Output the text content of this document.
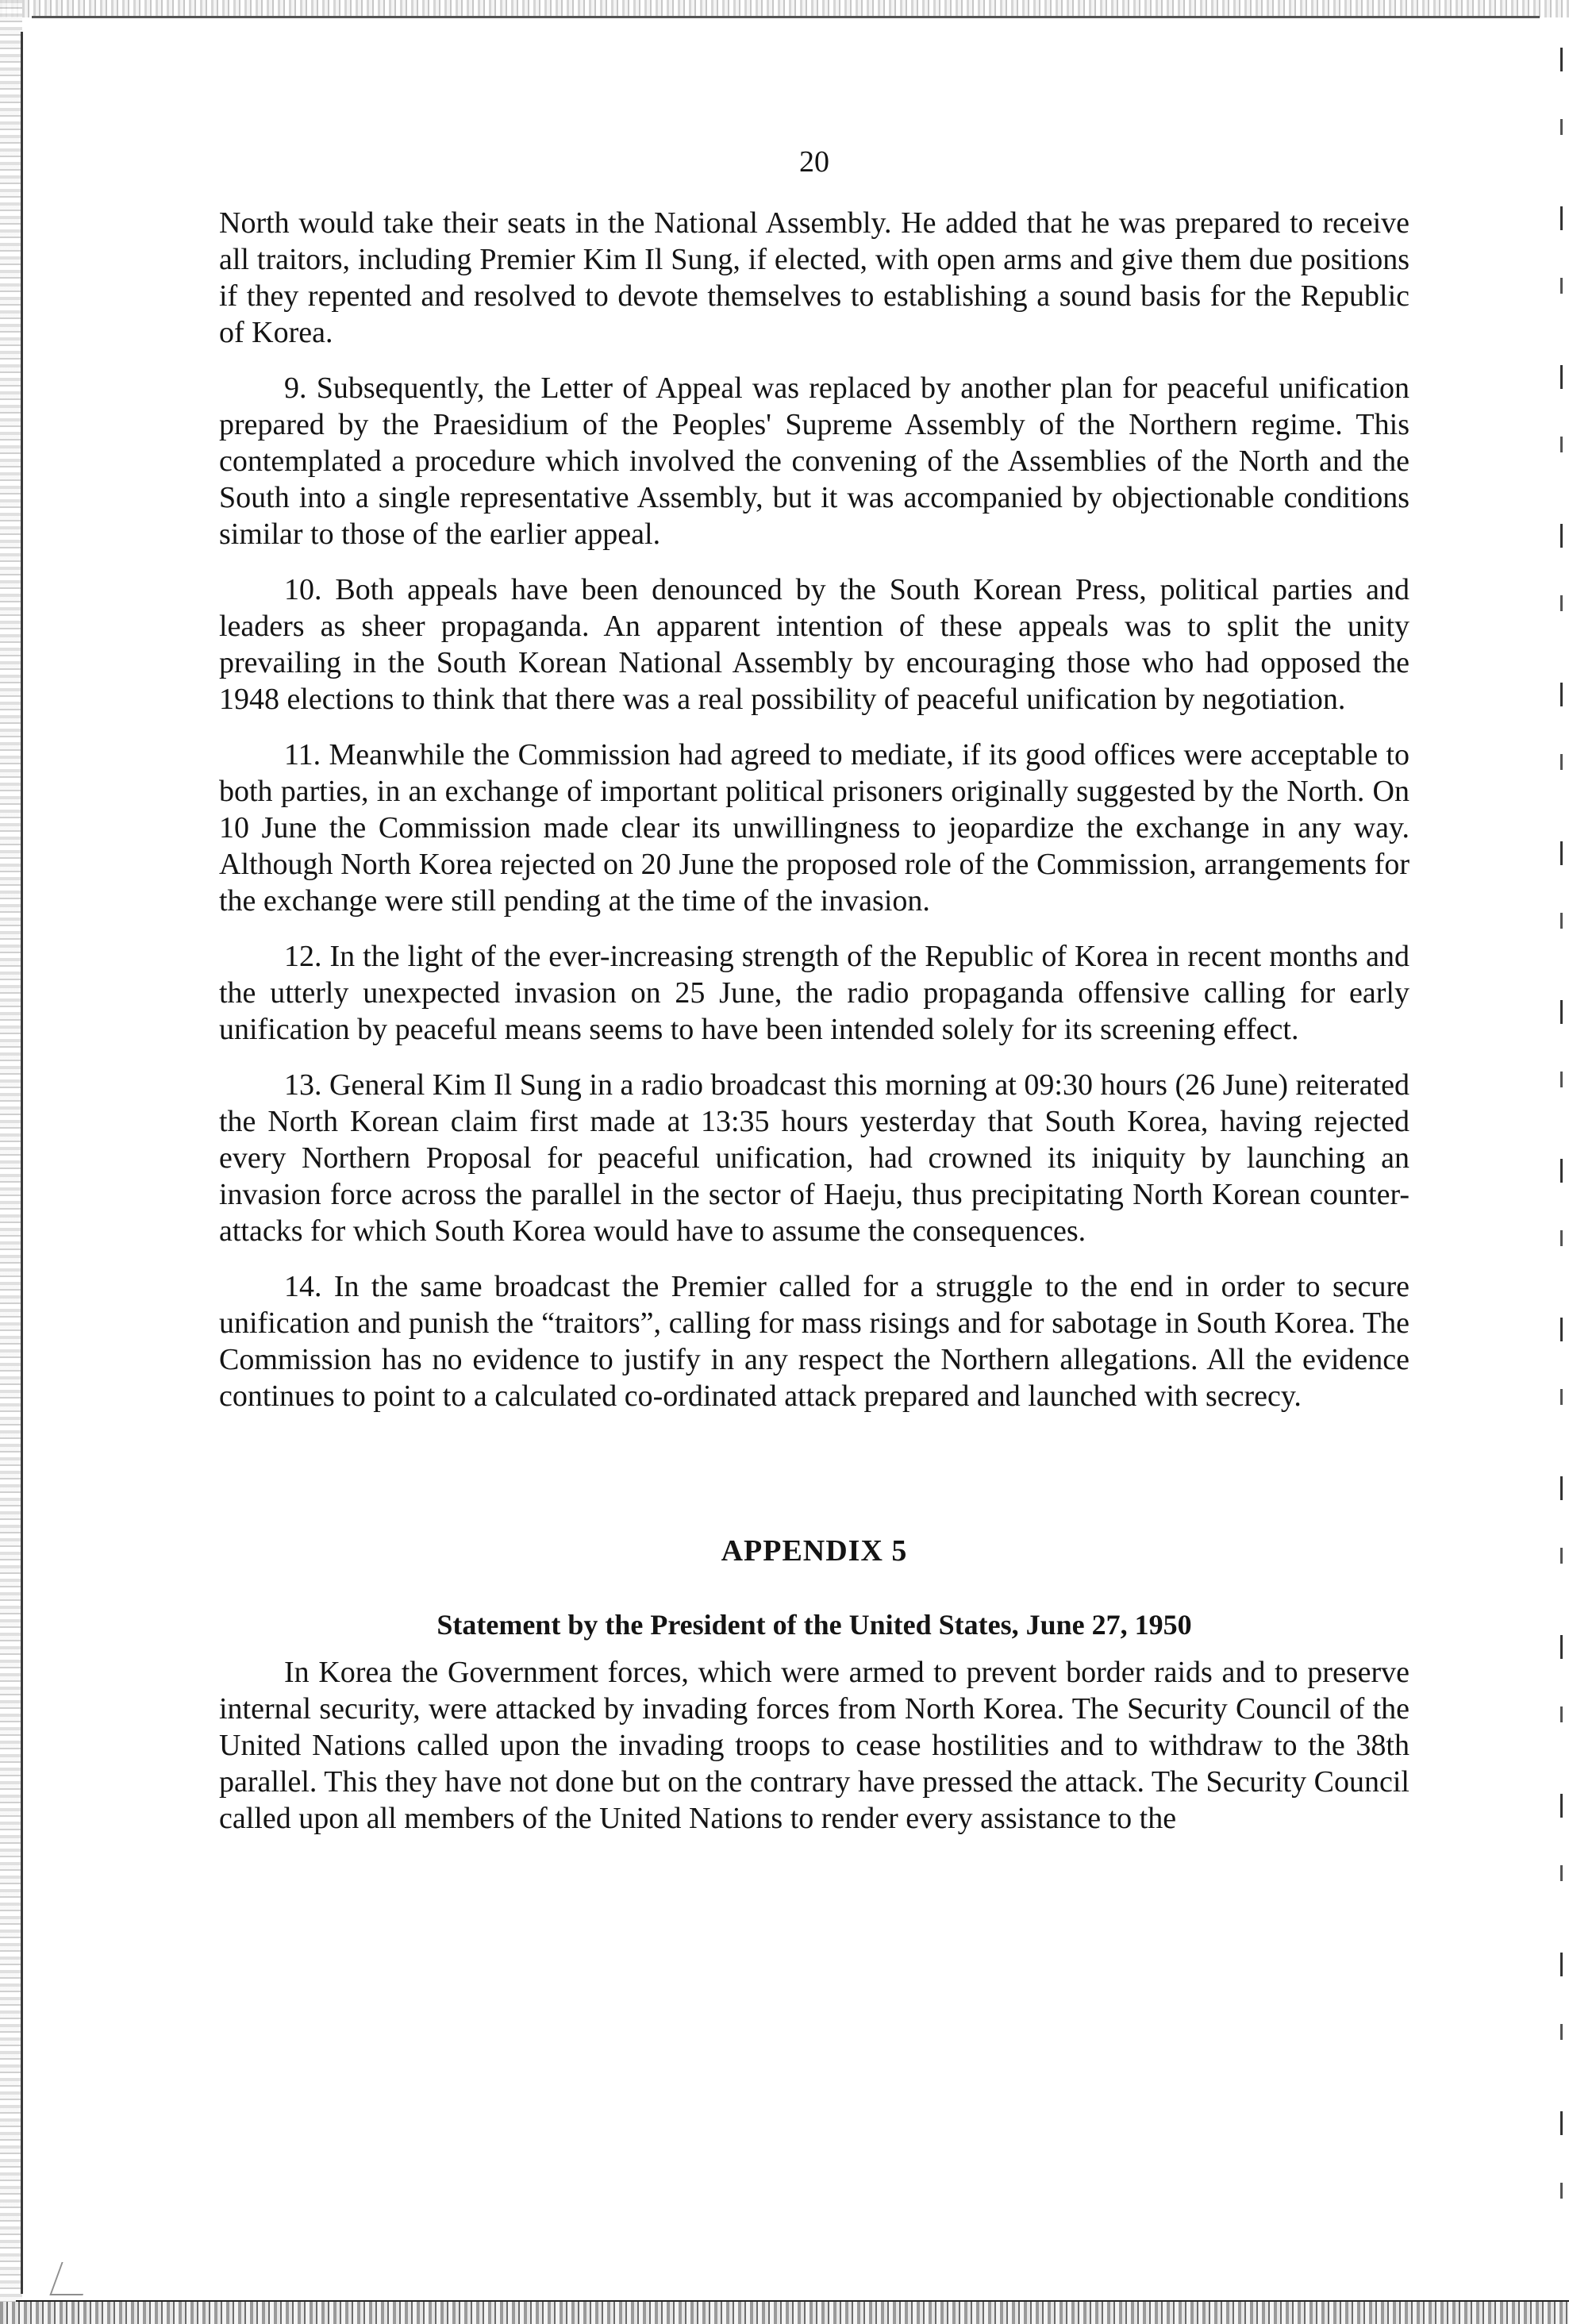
20

North would take their seats in the National Assembly. He added that he was prepared to receive all traitors, including Premier Kim Il Sung, if elected, with open arms and give them due positions if they repented and resolved to devote themselves to establishing a sound basis for the Republic of Korea.

9. Subsequently, the Letter of Appeal was replaced by another plan for peaceful unification prepared by the Praesidium of the Peoples' Supreme Assembly of the Northern regime. This contemplated a procedure which involved the convening of the Assemblies of the North and the South into a single representative Assembly, but it was accompanied by objectionable conditions similar to those of the earlier appeal.

10. Both appeals have been denounced by the South Korean Press, political parties and leaders as sheer propaganda. An apparent intention of these appeals was to split the unity prevailing in the South Korean National Assembly by encouraging those who had opposed the 1948 elections to think that there was a real possibility of peaceful unification by negotiation.

11. Meanwhile the Commission had agreed to mediate, if its good offices were acceptable to both parties, in an exchange of important political prisoners originally suggested by the North. On 10 June the Commission made clear its unwillingness to jeopardize the exchange in any way. Although North Korea rejected on 20 June the proposed role of the Commission, arrangements for the exchange were still pending at the time of the invasion.

12. In the light of the ever-increasing strength of the Republic of Korea in recent months and the utterly unexpected invasion on 25 June, the radio propaganda offensive calling for early unification by peaceful means seems to have been intended solely for its screening effect.

13. General Kim Il Sung in a radio broadcast this morning at 09:30 hours (26 June) reiterated the North Korean claim first made at 13:35 hours yesterday that South Korea, having rejected every Northern Proposal for peaceful unification, had crowned its iniquity by launching an invasion force across the parallel in the sector of Haeju, thus precipitating North Korean counter-attacks for which South Korea would have to assume the consequences.

14. In the same broadcast the Premier called for a struggle to the end in order to secure unification and punish the “traitors”, calling for mass risings and for sabotage in South Korea. The Commission has no evidence to justify in any respect the Northern allegations. All the evidence continues to point to a calculated co-ordinated attack prepared and launched with secrecy.

APPENDIX 5
Statement by the President of the United States, June 27, 1950

In Korea the Government forces, which were armed to prevent border raids and to preserve internal security, were attacked by invading forces from North Korea. The Security Council of the United Nations called upon the invading troops to cease hostilities and to withdraw to the 38th parallel. This they have not done but on the contrary have pressed the attack. The Security Council called upon all members of the United Nations to render every assistance to the
